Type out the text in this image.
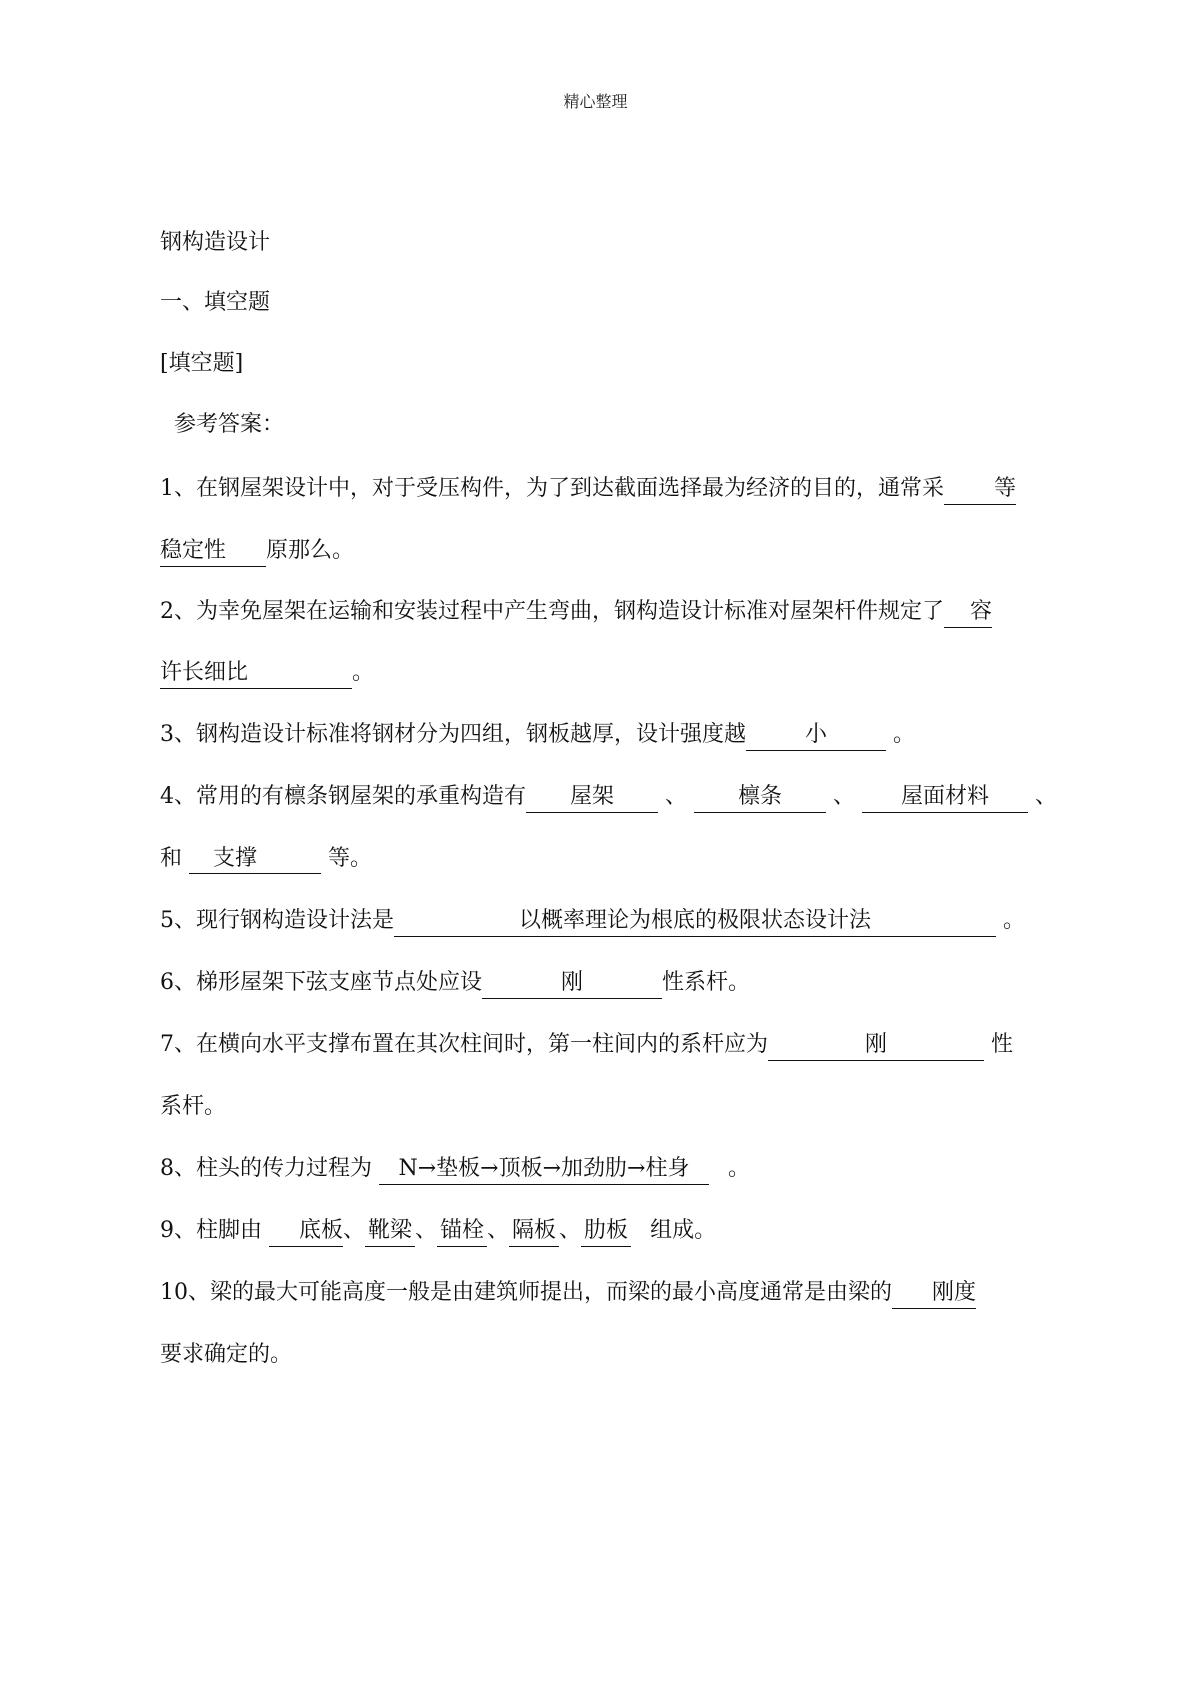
精心整理
钢构造设计
一、填空题
[填空题]
参考答案：
1、在钢屋架设计中，对于受压构件，为了到达截面选择最为经济的目的，通常采 等
稳定性 原那么。
2、为幸免屋架在运输和安装过程中产生弯曲，钢构造设计标准对屋架杆件规定了 容
许长细比	。
3、钢构造设计标准将钢材分为四组，钢板越厚，设计强度越	小	。
4、常用的有檩条钢屋架的承重构造有 屋架 、 檩条 、 屋面材料 、
和 支撑	等。
5、现行钢构造设计法是	以概率理论为根底的极限状态设计法	。
6、梯形屋架下弦支座节点处应设	刚	性系杆。
7、在横向水平支撑布置在其次柱间时，第一柱间内的系杆应为	刚	性
系杆。
8、柱头的传力过程为 N→垫板→顶板→加劲肋→柱身 。
9、柱脚由 底板、 靴梁 、 锚栓 、 隔板 、 肋板 组成。
10、梁的最大可能高度一般是由建筑师提出，而梁的最小高度通常是由梁的 刚度
要求确定的。
